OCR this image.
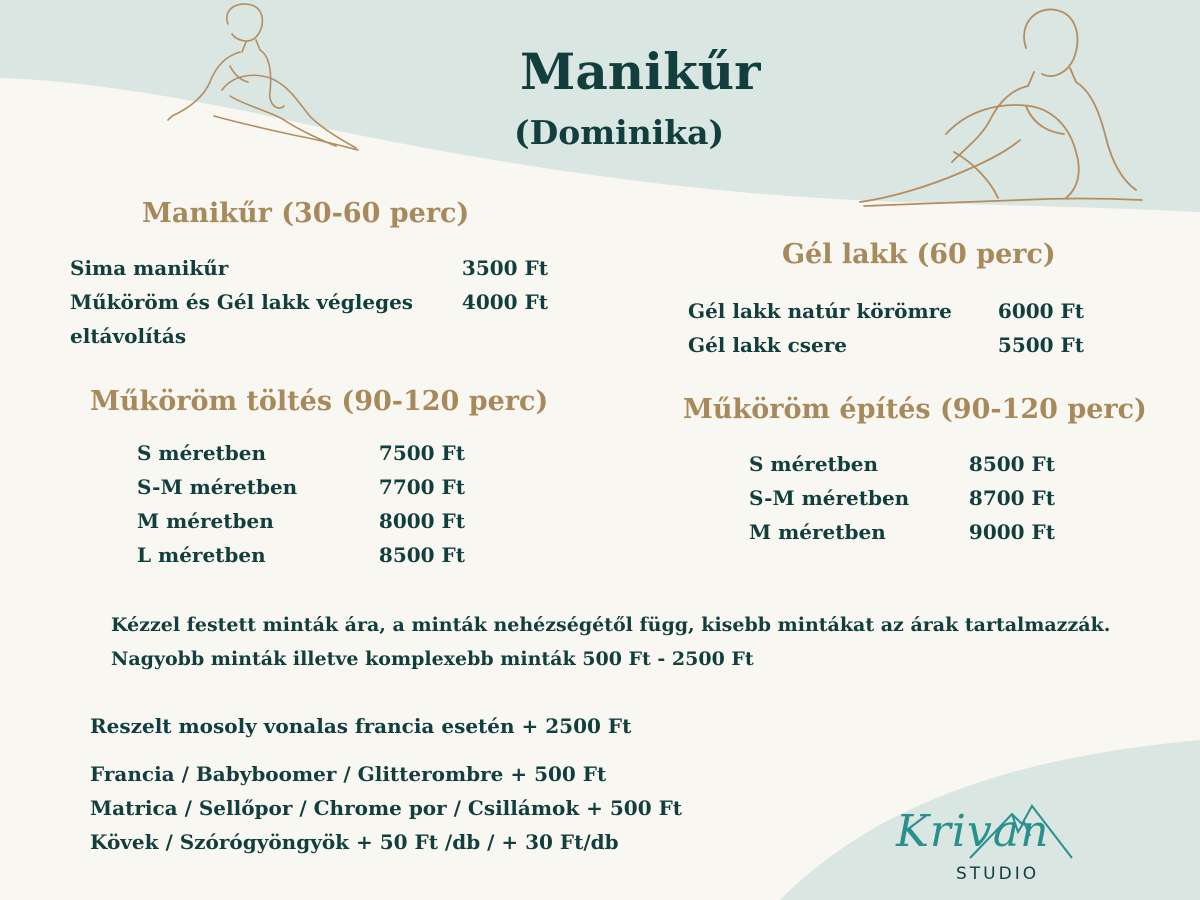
Manikűr
(Dominika)
Manikűr (30-60 perc)
Sima manikűr	3500 Ft
Műköröm és Gél lakk végleges 4000 Ft
eltávolítás
Gél lakk (60 perc)
Gél lakk natúr körömre 6000 Ft
Gél lakk csere	5500 Ft
Műköröm töltés (90-120 perc)
S méretben	7500 Ft
S-M méretben	7700 Ft
M méretben	8000 Ft
L méretben	8500 Ft
Műköröm építés (90-120 perc)
S méretben	8500 Ft
S-M méretben	8700 Ft
M méretben	9000 Ft
Kézzel festett minták ára, a minták nehézségétől függ, kisebb mintákat az árak tartalmazzák.
Nagyobb minták illetve komplexebb minták 500 Ft - 2500 Ft
Reszelt mosoly vonalas francia esetén + 2500 Ft
Francia / Babyboomer / Glitterombre + 500 Ft
Matrica / Sellőpor / Chrome por / Csillámok + 500 Ft
Kövek / Szórógyöngyök + 50 Ft /db / + 30 Ft/db	Krivan
STUDIO
